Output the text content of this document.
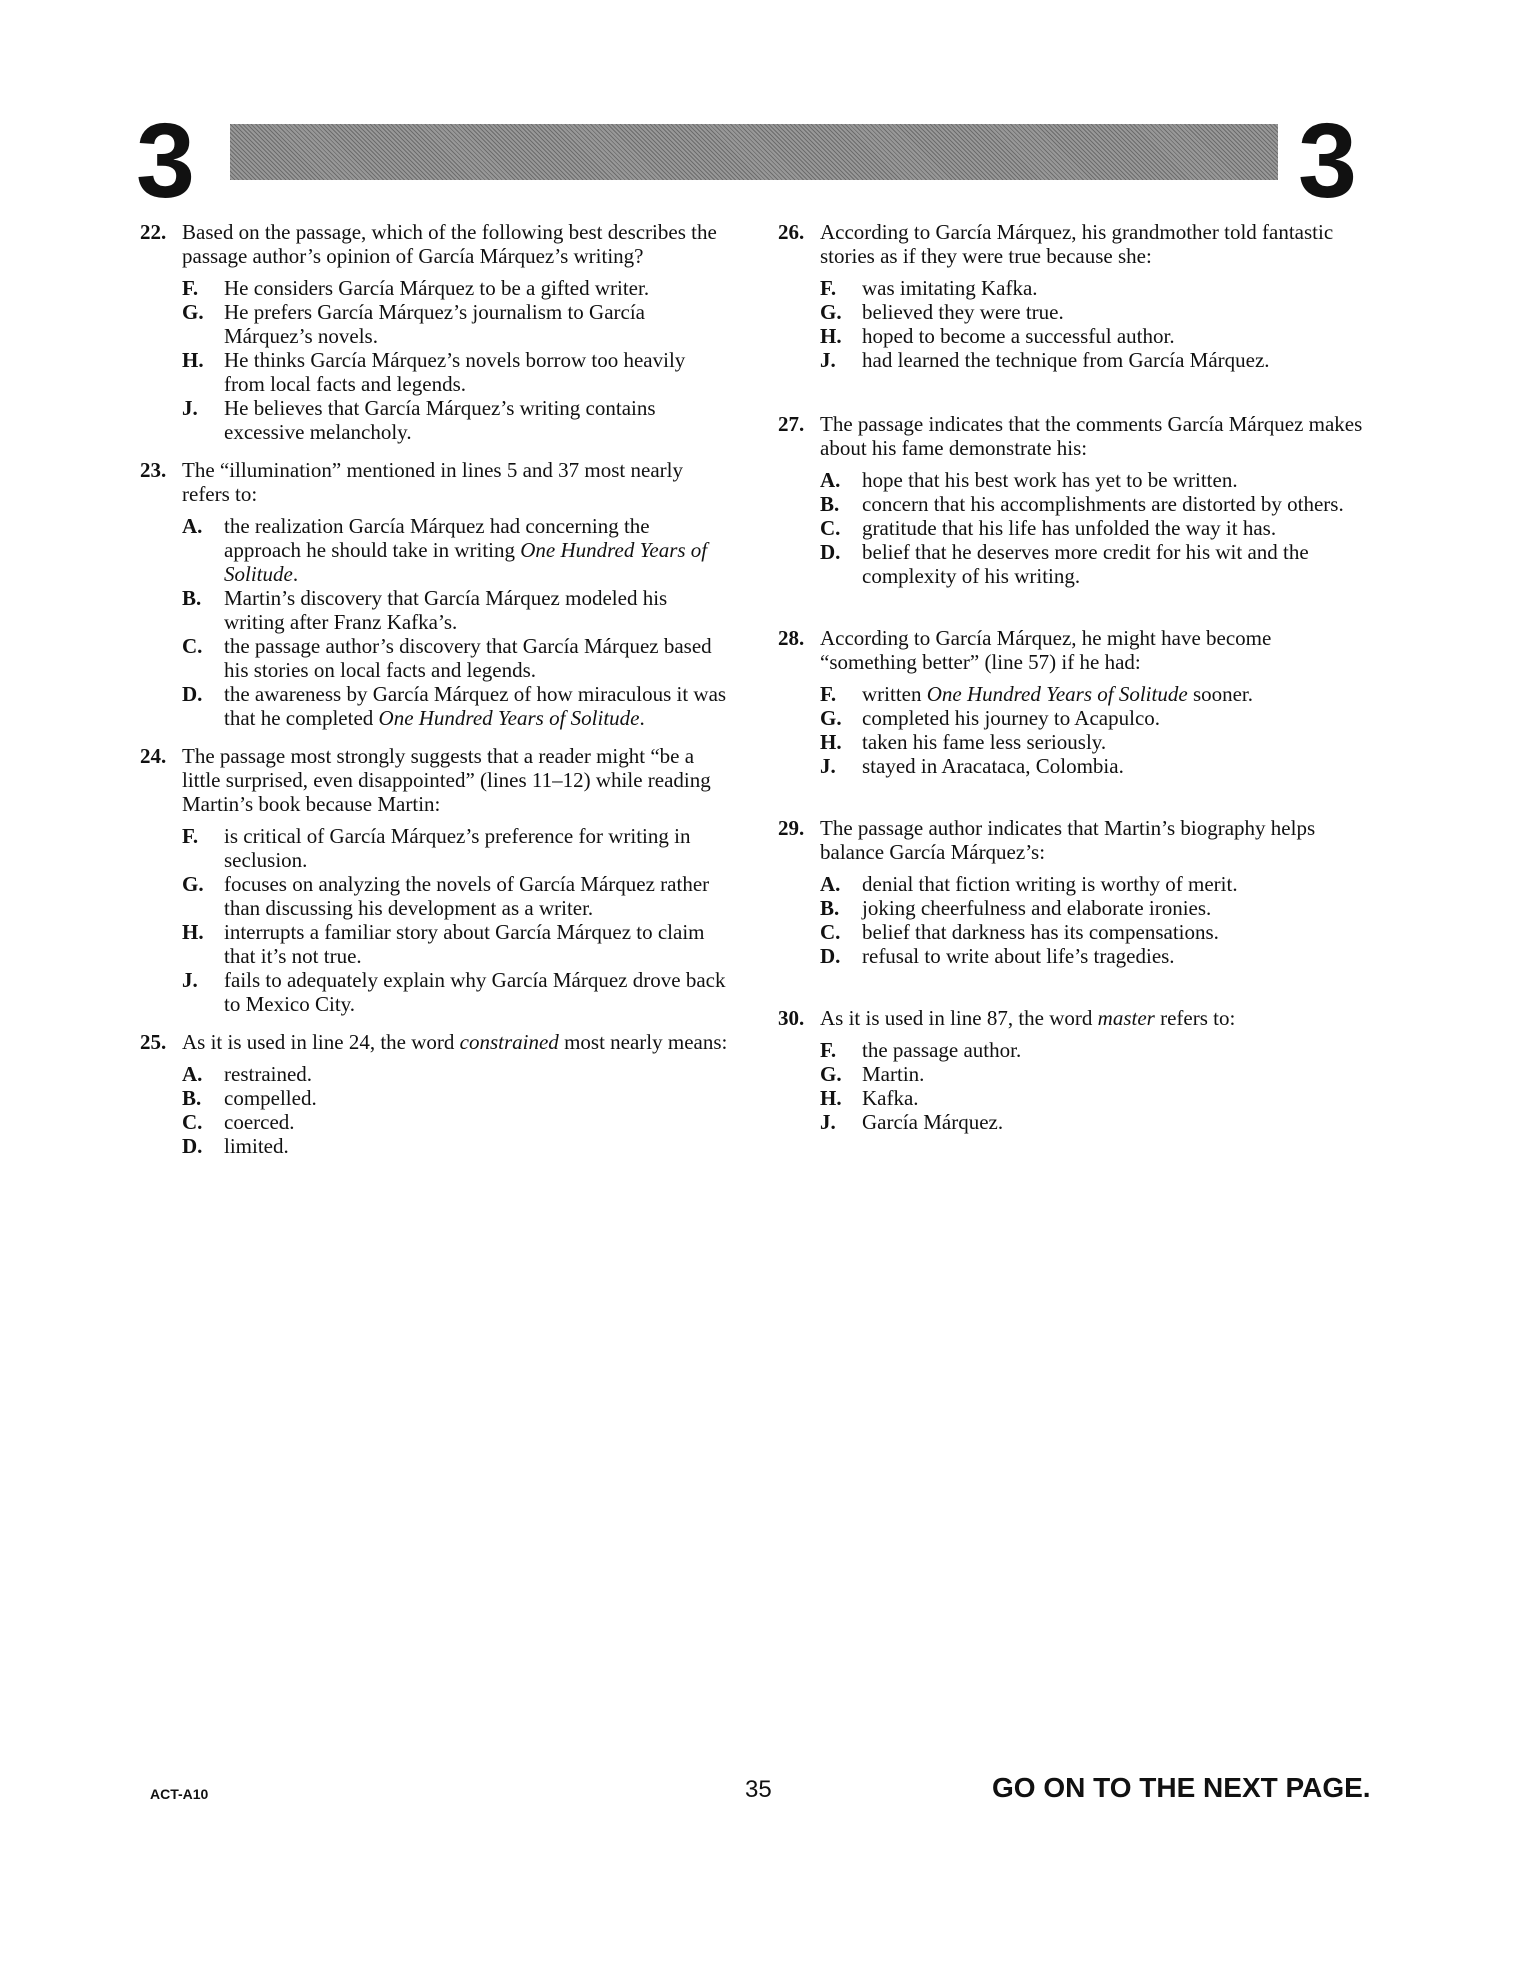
3	3
22. Based on the passage, which of the following best describes the passage author’s opinion of García Márquez’s writing?
F. He considers García Márquez to be a gifted writer.
G. He prefers García Márquez’s journalism to García Márquez’s novels.
H. He thinks García Márquez’s novels borrow too heavily from local facts and legends.
J. He believes that García Márquez’s writing contains excessive melancholy.
23. The “illumination” mentioned in lines 5 and 37 most nearly refers to:
A. the realization García Márquez had concerning the approach he should take in writing One Hundred Years of Solitude.
B. Martin’s discovery that García Márquez modeled his writing after Franz Kafka’s.
C. the passage author’s discovery that García Márquez based his stories on local facts and legends.
D. the awareness by García Márquez of how miraculous it was that he completed One Hundred Years of Solitude.
24. The passage most strongly suggests that a reader might “be a little surprised, even disappointed” (lines 11–12) while reading Martin’s book because Martin:
F. is critical of García Márquez’s preference for writing in seclusion.
G. focuses on analyzing the novels of García Márquez rather than discussing his development as a writer.
H. interrupts a familiar story about García Márquez to claim that it’s not true.
J. fails to adequately explain why García Márquez drove back to Mexico City.
25. As it is used in line 24, the word constrained most nearly means:
A. restrained.
B. compelled.
C. coerced.
D. limited.
26. According to García Márquez, his grandmother told fantastic stories as if they were true because she:
F. was imitating Kafka.
G. believed they were true.
H. hoped to become a successful author.
J. had learned the technique from García Márquez.
27. The passage indicates that the comments García Márquez makes about his fame demonstrate his:
A. hope that his best work has yet to be written.
B. concern that his accomplishments are distorted by others.
C. gratitude that his life has unfolded the way it has.
D. belief that he deserves more credit for his wit and the complexity of his writing.
28. According to García Márquez, he might have become “something better” (line 57) if he had:
F. written One Hundred Years of Solitude sooner.
G. completed his journey to Acapulco.
H. taken his fame less seriously.
J. stayed in Aracataca, Colombia.
29. The passage author indicates that Martin’s biography helps balance García Márquez’s:
A. denial that fiction writing is worthy of merit.
B. joking cheerfulness and elaborate ironies.
C. belief that darkness has its compensations.
D. refusal to write about life’s tragedies.
30. As it is used in line 87, the word master refers to:
F. the passage author.
G. Martin.
H. Kafka.
J. García Márquez.
ACT-A10	35	GO ON TO THE NEXT PAGE.
